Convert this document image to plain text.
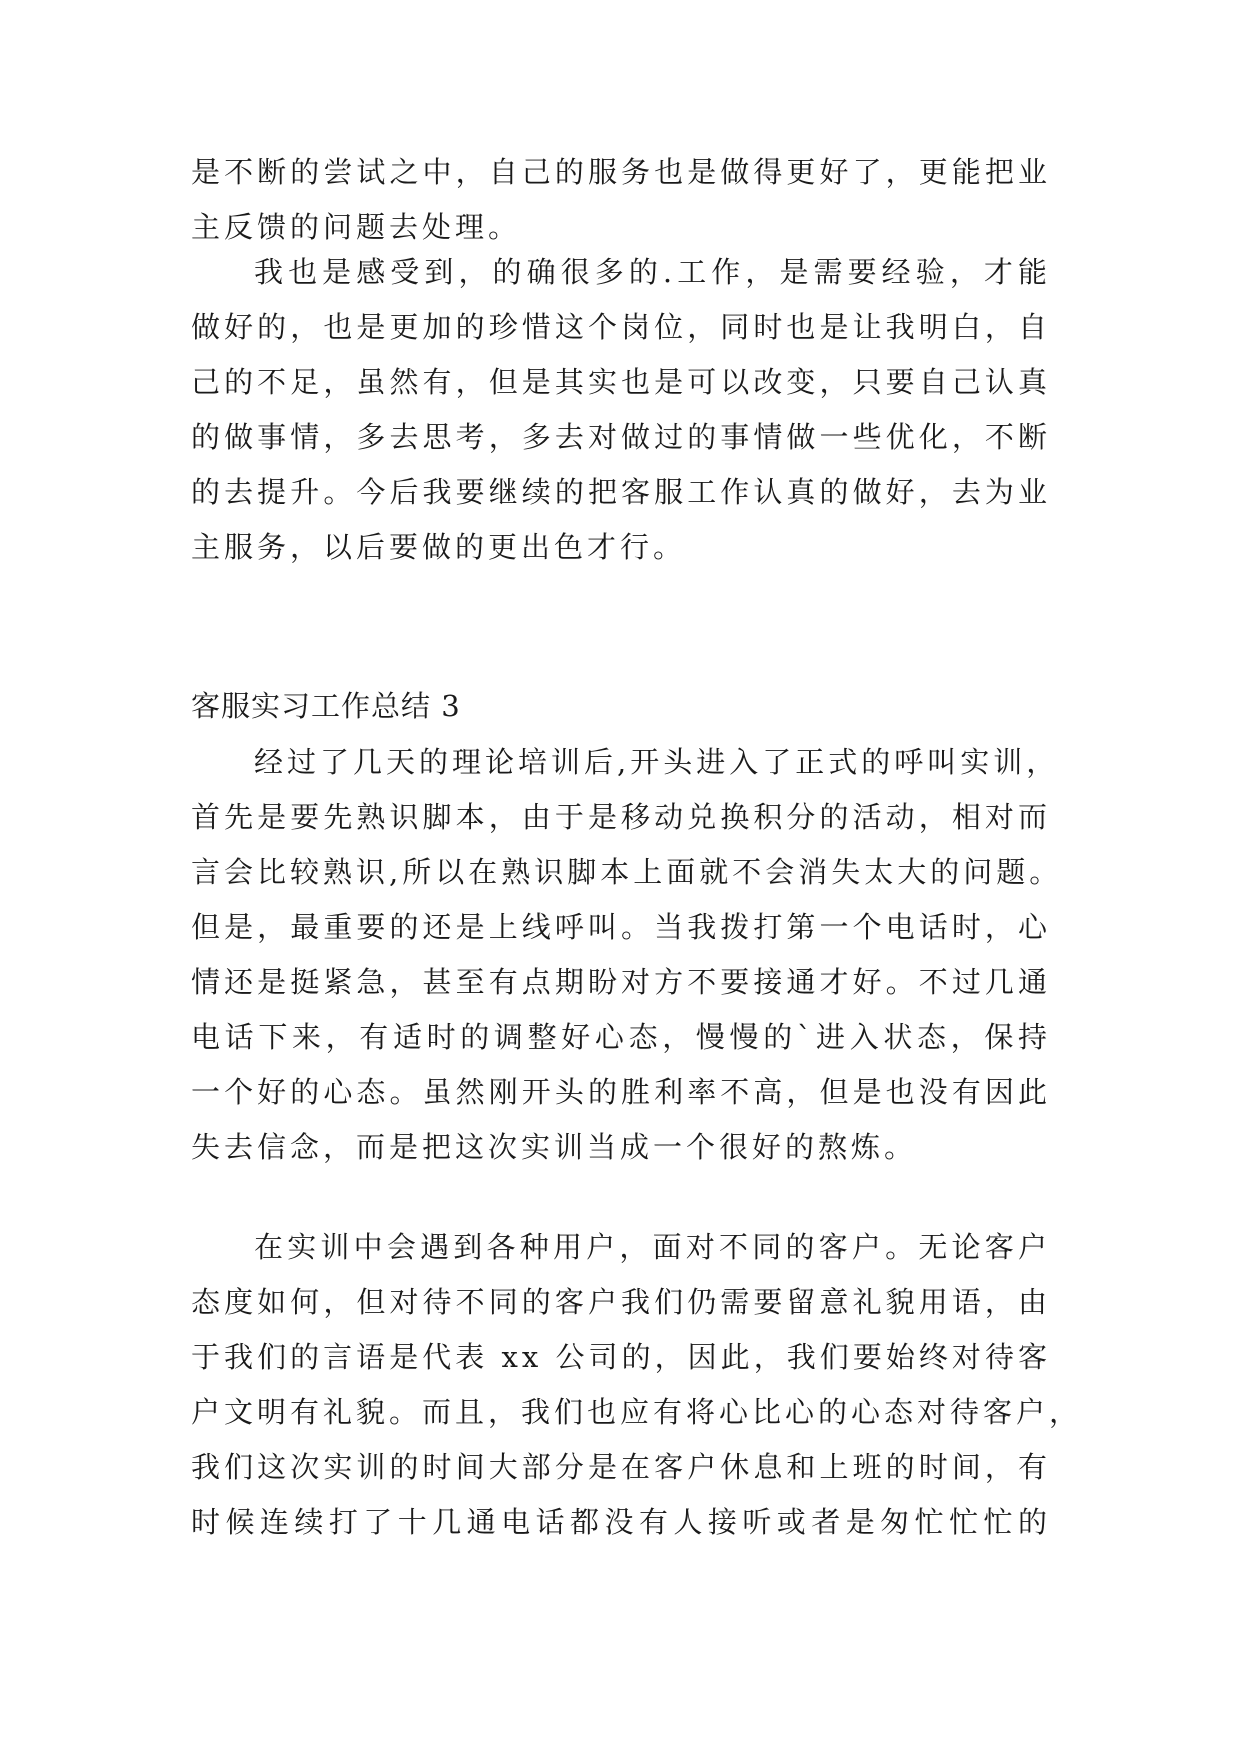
是不断的尝试之中，自己的服务也是做得更好了，更能把业
主反馈的问题去处理。
我也是感受到，的确很多的.工作，是需要经验，才能
做好的，也是更加的珍惜这个岗位，同时也是让我明白，自
己的不足，虽然有，但是其实也是可以改变，只要自己认真
的做事情，多去思考，多去对做过的事情做一些优化，不断
的去提升。今后我要继续的把客服工作认真的做好，去为业
主服务，以后要做的更出色才行。
客服实习工作总结 3
经过了几天的理论培训后,开头进入了正式的呼叫实训，
首先是要先熟识脚本，由于是移动兑换积分的活动，相对而
言会比较熟识,所以在熟识脚本上面就不会消失太大的问题。
但是，最重要的还是上线呼叫。当我拨打第一个电话时，心
情还是挺紧急，甚至有点期盼对方不要接通才好。不过几通
电话下来，有适时的调整好心态，慢慢的`进入状态，保持
一个好的心态。虽然刚开头的胜利率不高，但是也没有因此
失去信念，而是把这次实训当成一个很好的熬炼。
在实训中会遇到各种用户，面对不同的客户。无论客户
态度如何，但对待不同的客户我们仍需要留意礼貌用语，由
于我们的言语是代表 xx 公司的，因此，我们要始终对待客
户文明有礼貌。而且，我们也应有将心比心的心态对待客户，
我们这次实训的时间大部分是在客户休息和上班的时间，有
时候连续打了十几通电话都没有人接听或者是匆忙忙忙的
